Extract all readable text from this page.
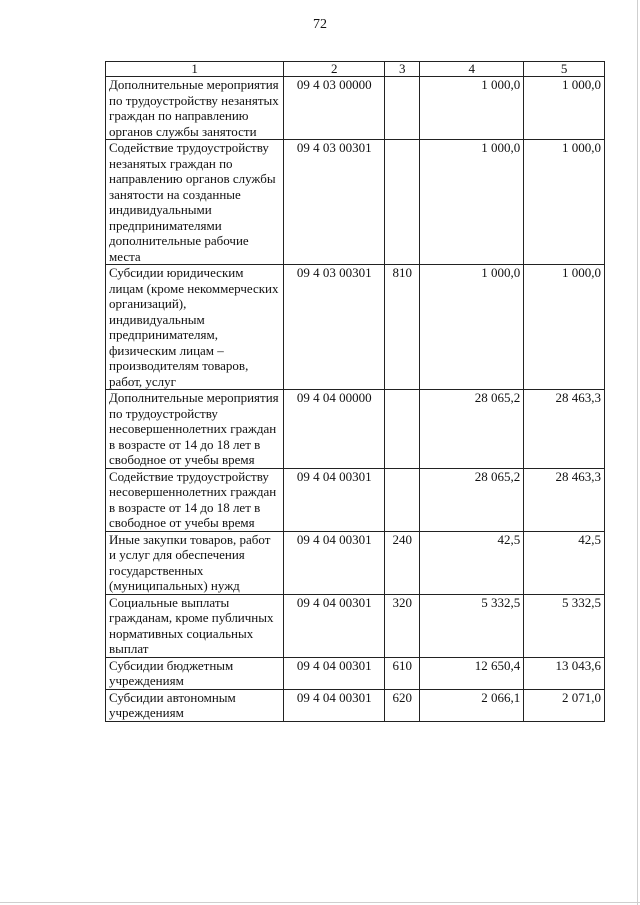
72
1	2	3	4	5
Дополнительные мероприятия по трудоустройству незанятых граждан по направлению органов службы занятости	09 4 03 00000		1 000,0	1 000,0
Содействие трудоустройству незанятых граждан по направлению органов службы занятости на созданные индивидуальными предпринимателями дополнительные рабочие места	09 4 03 00301		1 000,0	1 000,0
Субсидии юридическим лицам (кроме некоммерческих организаций), индивидуальным предпринимателям, физическим лицам – производителям товаров, работ, услуг	09 4 03 00301	810	1 000,0	1 000,0
Дополнительные мероприятия по трудоустройству несовершеннолетних граждан в возрасте от 14 до 18 лет в свободное от учебы время	09 4 04 00000		28 065,2	28 463,3
Содействие трудоустройству несовершеннолетних граждан в возрасте от 14 до 18 лет в свободное от учебы время	09 4 04 00301		28 065,2	28 463,3
Иные закупки товаров, работ и услуг для обеспечения государственных (муниципальных) нужд	09 4 04 00301	240	42,5	42,5
Социальные выплаты гражданам, кроме публичных нормативных социальных выплат	09 4 04 00301	320	5 332,5	5 332,5
Субсидии бюджетным учреждениям	09 4 04 00301	610	12 650,4	13 043,6
Субсидии автономным учреждениям	09 4 04 00301	620	2 066,1	2 071,0
